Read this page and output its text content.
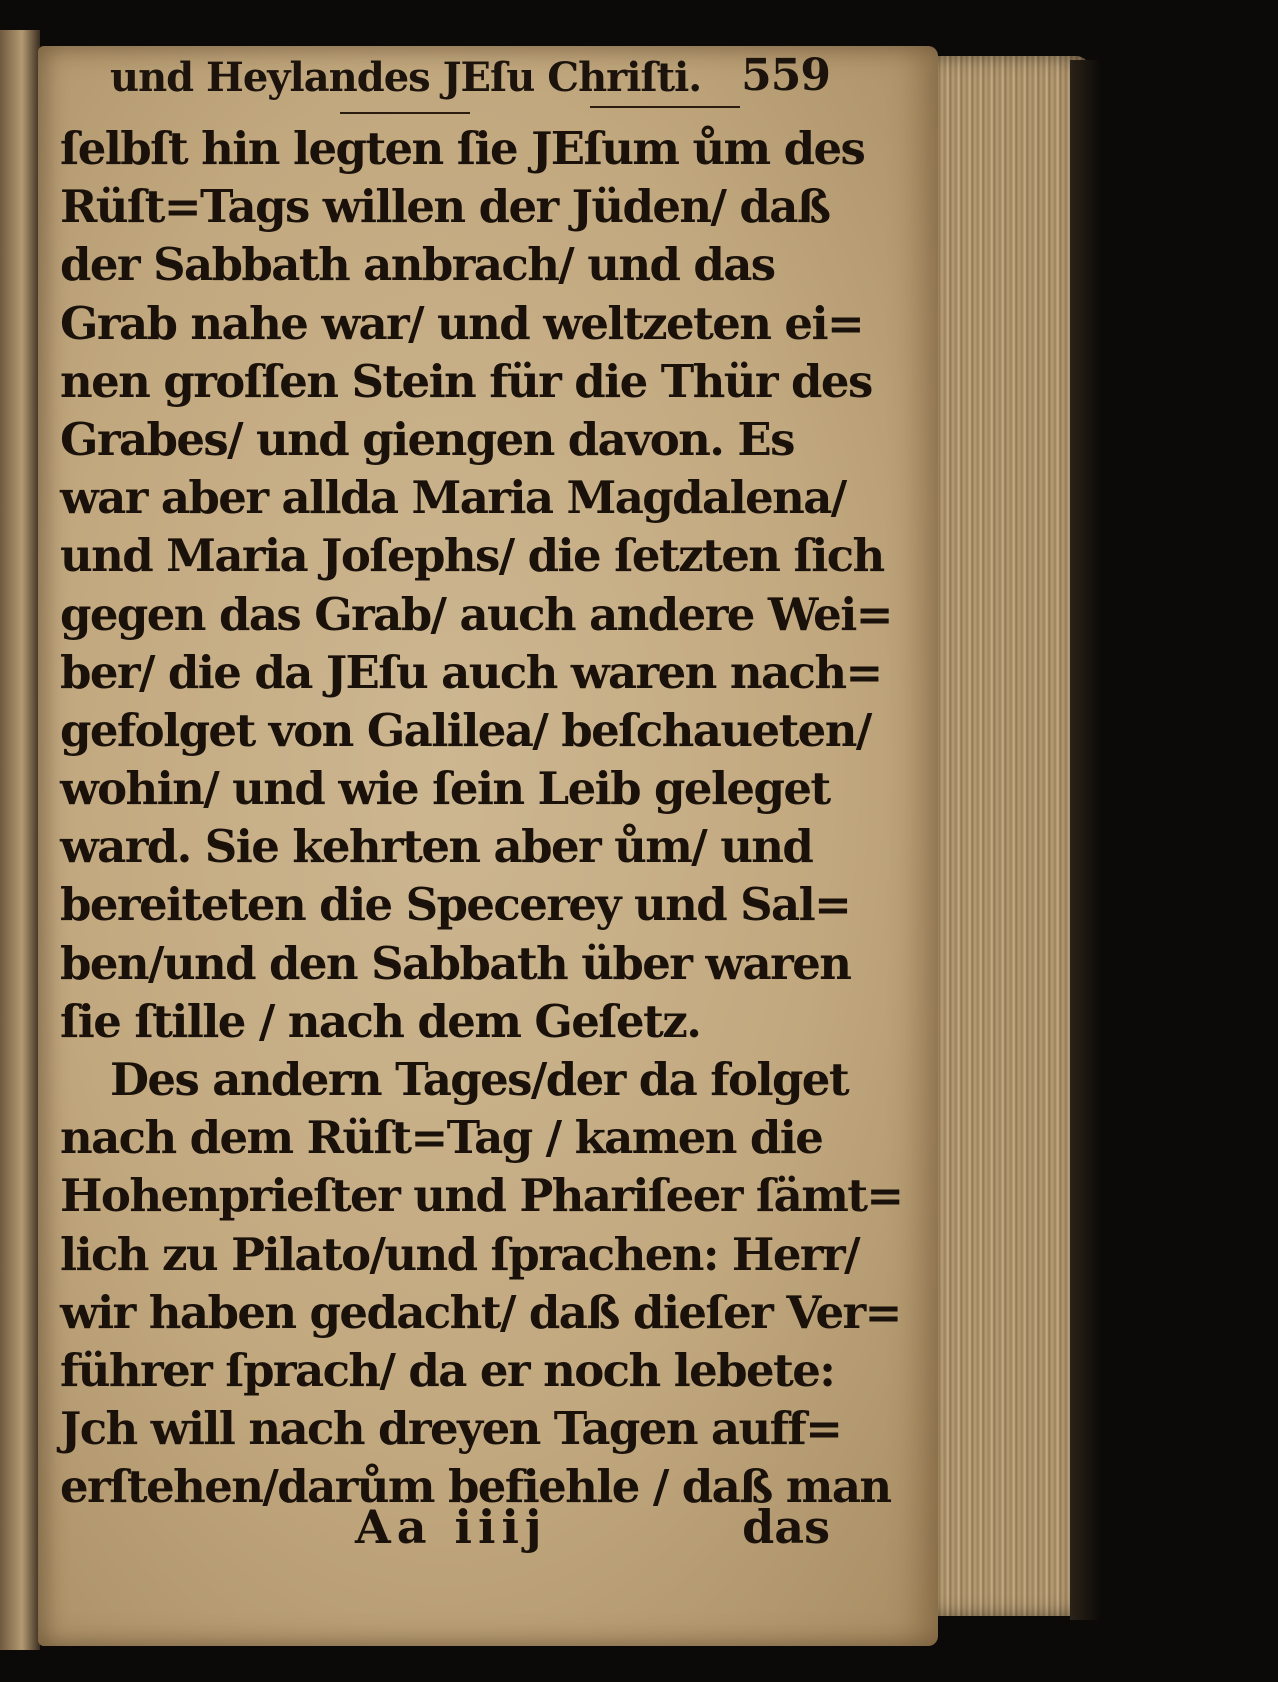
und Heylandes JEſu Chriſti. 559
ſelbſt hin legten ſie JEſum ům des
Rüſt=Tags willen der Jüden/ daß
der Sabbath anbrach/ und das
Grab nahe war/ und weltzeten ei=
nen groſſen Stein für die Thür des
Grabes/ und giengen davon. Es
war aber allda Maria Magdalena/
und Maria Joſephs/ die ſetzten ſich
gegen das Grab/ auch andere Wei=
ber/ die da JEſu auch waren nach=
gefolget von Galilea/ beſchaueten/
wohin/ und wie ſein Leib geleget
ward. Sie kehrten aber ům/ und
bereiteten die Specerey und Sal=
ben/und den Sabbath über waren
ſie ſtille / nach dem Geſetz.
Des andern Tages/der da folget
nach dem Rüſt=Tag / kamen die
Hohenprieſter und Phariſeer ſämt=
lich zu Pilato/und ſprachen: Herr/
wir haben gedacht/ daß dieſer Ver=
führer ſprach/ da er noch lebete:
Jch will nach dreyen Tagen auff=
erſtehen/darům befiehle / daß man
Aa iiij	das
